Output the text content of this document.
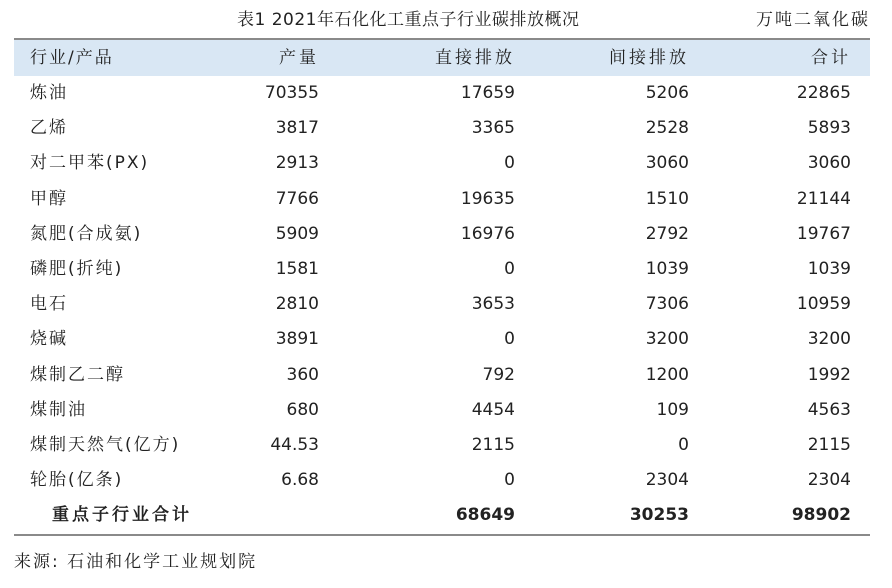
表1 2021年石化化工重点子行业碳排放概况	万吨二氧化碳
行业/产品	产量	直接排放	间接排放	合计
炼油	70355	17659	5206	22865
乙烯	3817	3365	2528	5893
对二甲苯(PX)	2913	0	3060	3060
甲醇	7766	19635	1510	21144
氮肥(合成氨)	5909	16976	2792	19767
磷肥(折纯)	1581	0	1039	1039
电石	2810	3653	7306	10959
烧碱	3891	0	3200	3200
煤制乙二醇	360	792	1200	1992
煤制油	680	4454	109	4563
煤制天然气(亿方)	44.53	2115	0	2115
轮胎(亿条)	6.68	0	2304	2304
重点子行业合计		68649	30253	98902
来源: 石油和化学工业规划院
